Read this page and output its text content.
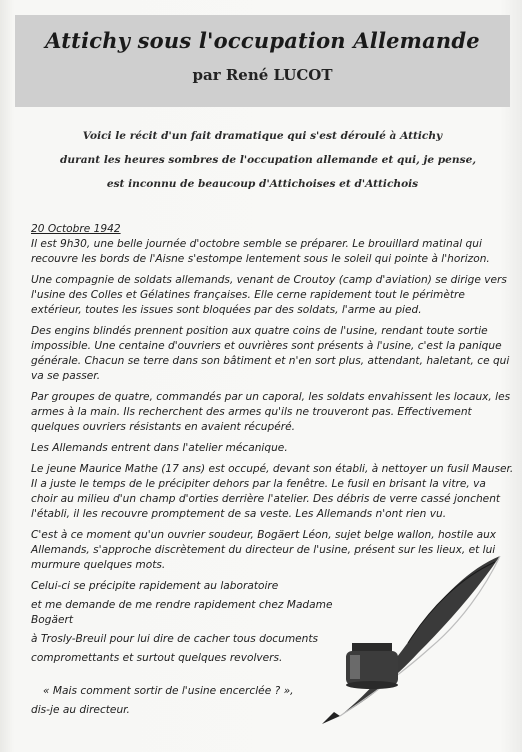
Attichy sous l'occupation Allemande
par René LUCOT
Voici le récit d'un fait dramatique qui s'est déroulé à Attichy
durant les heures sombres de l'occupation allemande et qui, je pense,
est inconnu de beaucoup d'Attichoises et d'Attichois
20 Octobre 1942

Il est 9h30, une belle journée d'octobre semble se préparer. Le brouillard matinal qui recouvre les bords de l'Aisne s'estompe lentement sous le soleil qui pointe à l'horizon.

Une compagnie de soldats allemands, venant de Croutoy (camp d'aviation) se dirige vers l'usine des Colles et Gélatines françaises. Elle cerne rapidement tout le périmètre extérieur, toutes les issues sont bloquées par des soldats, l'arme au pied.

Des engins blindés prennent position aux quatre coins de l'usine, rendant toute sortie impossible. Une centaine d'ouvriers et ouvrières sont présents à l'usine, c'est la panique générale. Chacun se terre dans son bâtiment et n'en sort plus, attendant, haletant, ce qui va se passer.

Par groupes de quatre, commandés par un caporal, les soldats envahissent les locaux, les armes à la main. Ils recherchent des armes qu'ils ne trouveront pas. Effectivement quelques ouvriers résistants en avaient récupéré.

Les Allemands entrent dans l'atelier mécanique.

Le jeune Maurice Mathe (17 ans) est occupé, devant son établi, à nettoyer un fusil Mauser. Il a juste le temps de le précipiter dehors par la fenêtre. Le fusil en brisant la vitre, va choir au milieu d'un champ d'orties derrière l'atelier. Des débris de verre cassé jonchent l'établi, il les recouvre promptement de sa veste. Les Allemands n'ont rien vu.

C'est à ce moment qu'un ouvrier soudeur, Bogäert Léon, sujet belge wallon, hostile aux Allemands, s'approche discrètement du directeur de l'usine, présent sur les lieux, et lui murmure quelques mots.

Celui-ci se précipite rapidement au laboratoire

et me demande de me rendre rapidement chez Madame Bogäert

à Trosly-Breuil pour lui dire de cacher tous documents

compromettants et surtout quelques revolvers.

« Mais comment sortir de l'usine encerclée ? »,

dis-je au directeur.
